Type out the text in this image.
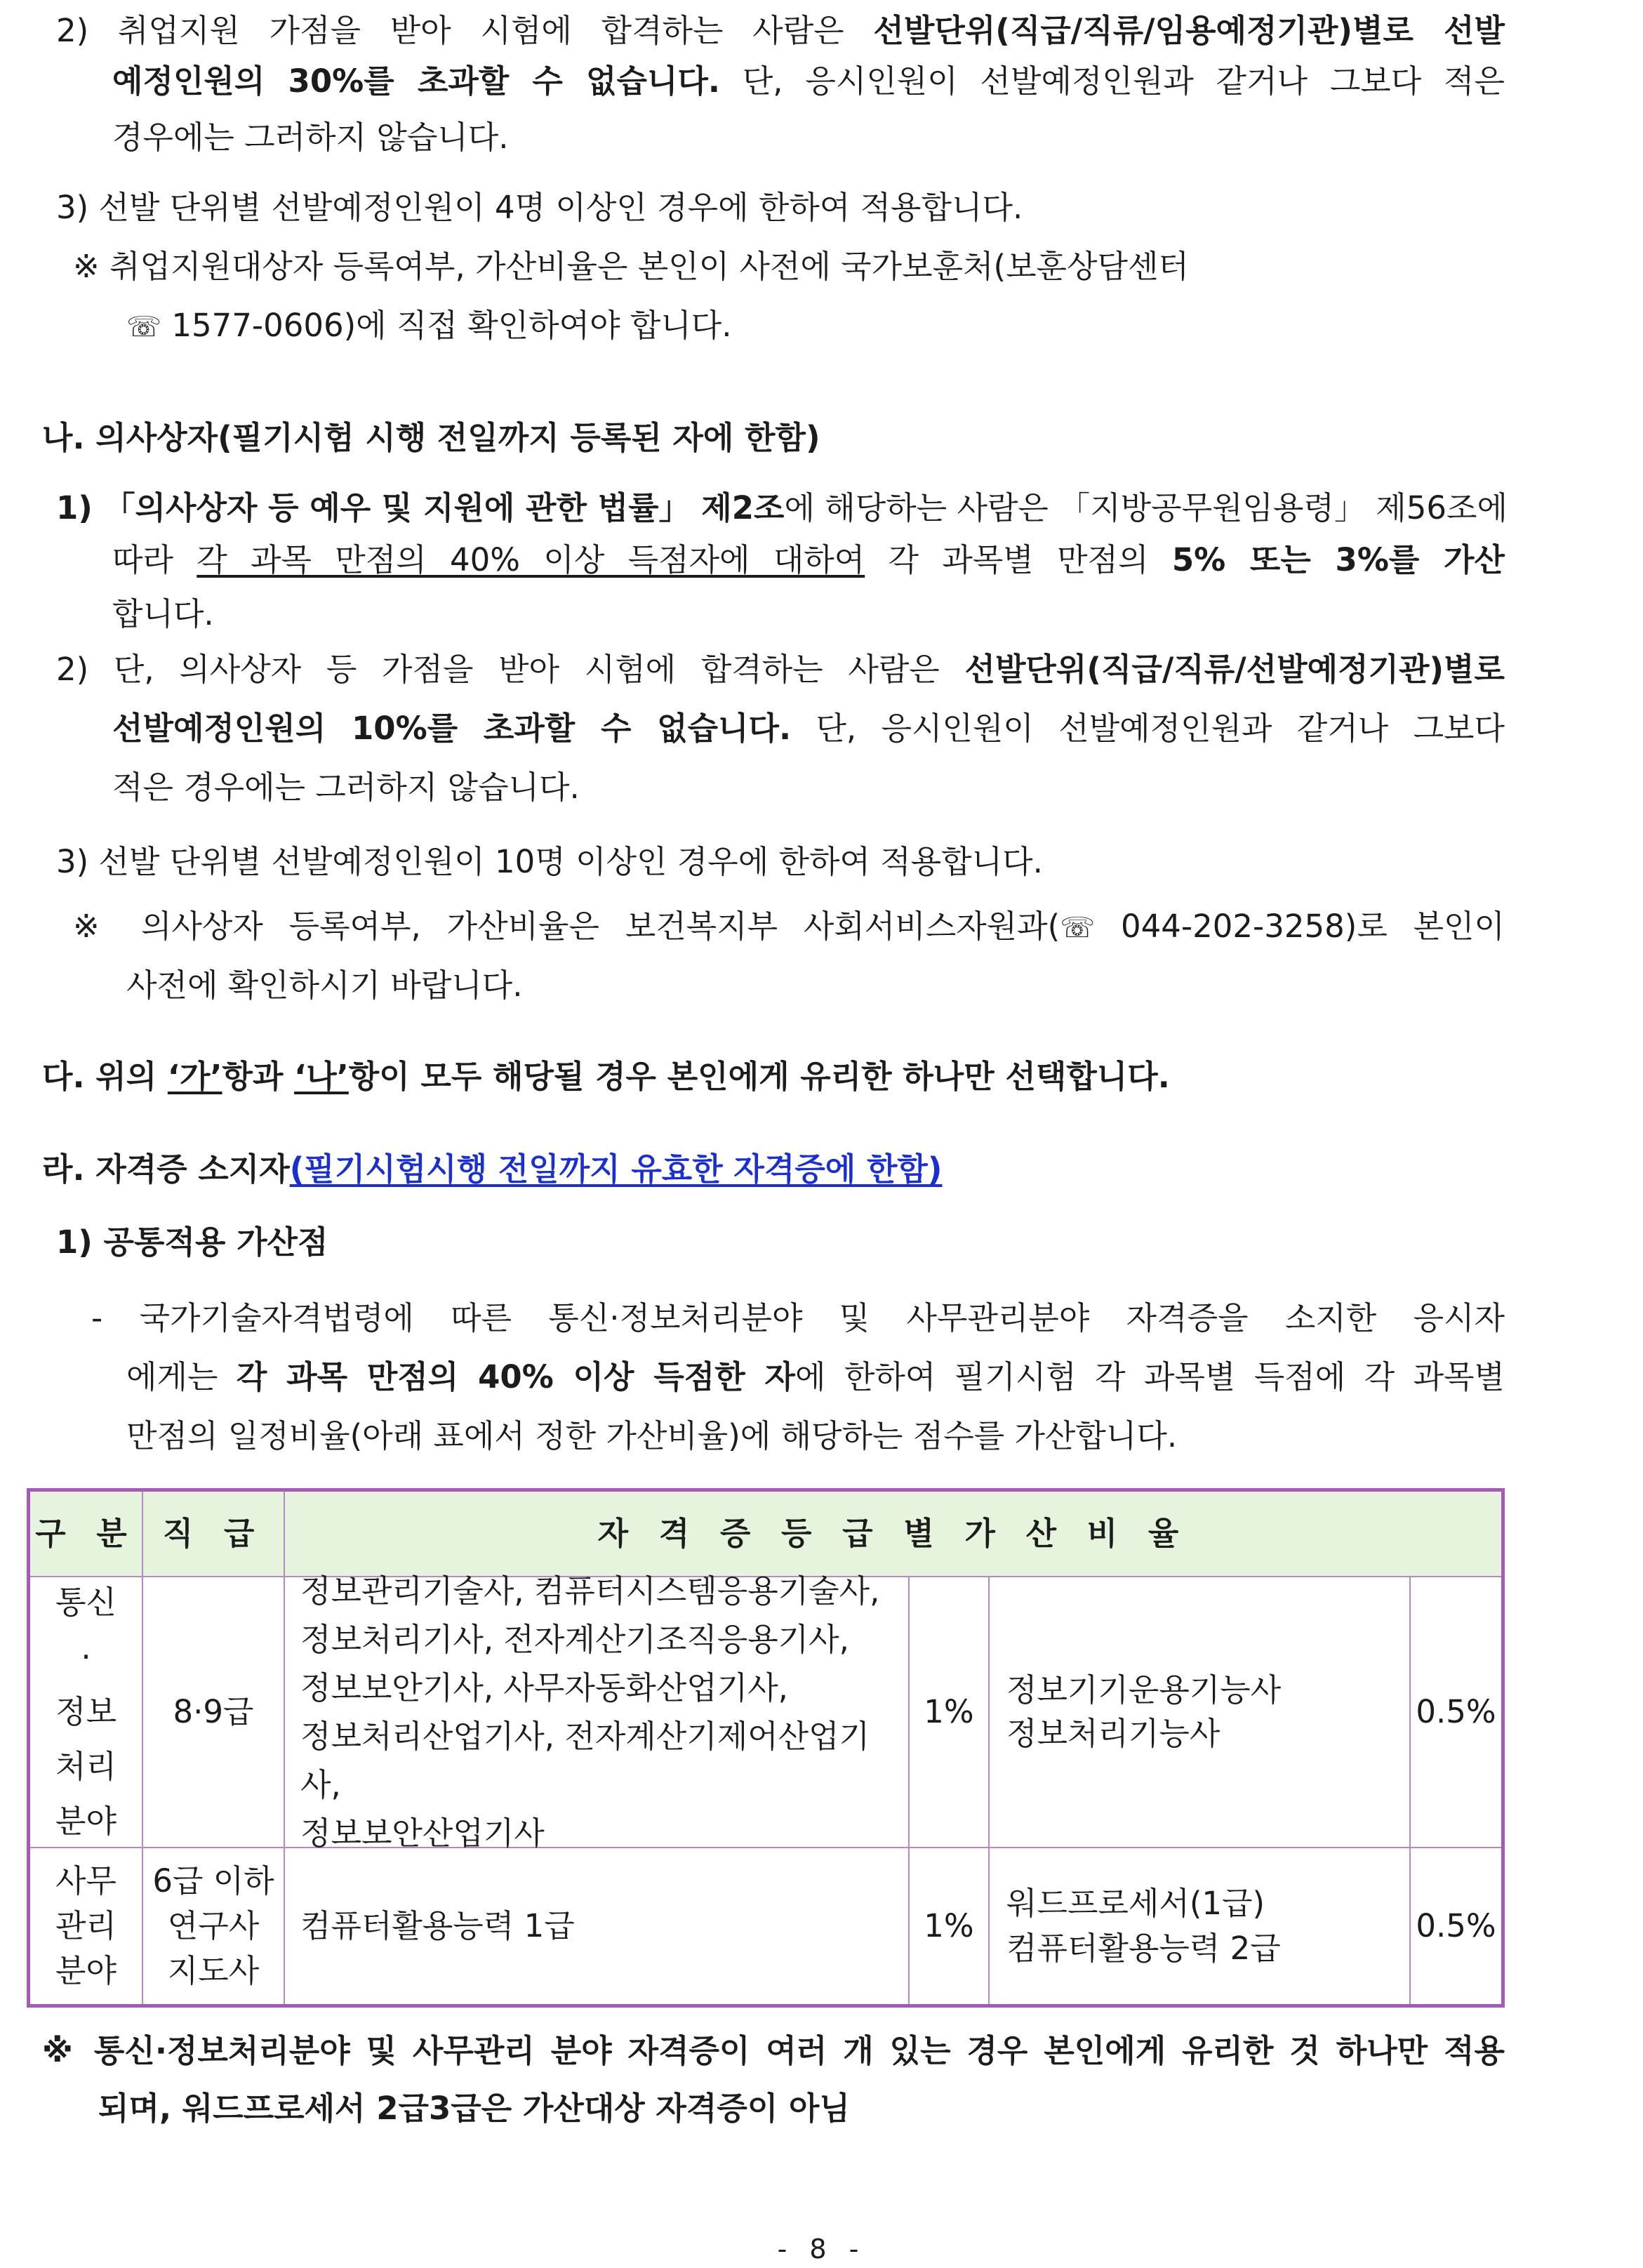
2) 취업지원 가점을 받아 시험에 합격하는 사람은 선발단위(직급/직류/임용예정기관)별로 선발
예정인원의 30%를 초과할 수 없습니다. 단, 응시인원이 선발예정인원과 같거나 그보다 적은
경우에는 그러하지 않습니다.
3) 선발 단위별 선발예정인원이 4명 이상인 경우에 한하여 적용합니다.
※ 취업지원대상자 등록여부, 가산비율은 본인이 사전에 국가보훈처(보훈상담센터
☏ 1577-0606)에 직접 확인하여야 합니다.
나. 의사상자(필기시험 시행 전일까지 등록된 자에 한함)
1) 「의사상자 등 예우 및 지원에 관한 법률」 제2조에 해당하는 사람은 「지방공무원임용령」 제56조에
따라 각 과목 만점의 40% 이상 득점자에 대하여 각 과목별 만점의 5% 또는 3%를 가산
합니다.
2) 단, 의사상자 등 가점을 받아 시험에 합격하는 사람은 선발단위(직급/직류/선발예정기관)별로
선발예정인원의 10%를 초과할 수 없습니다. 단, 응시인원이 선발예정인원과 같거나 그보다
적은 경우에는 그러하지 않습니다.
3) 선발 단위별 선발예정인원이 10명 이상인 경우에 한하여 적용합니다.
※ 의사상자 등록여부, 가산비율은 보건복지부 사회서비스자원과(☏ 044-202-3258)로 본인이
사전에 확인하시기 바랍니다.
다. 위의 ‘가’항과 ‘나’항이 모두 해당될 경우 본인에게 유리한 하나만 선택합니다.
라. 자격증 소지자(필기시험시행 전일까지 유효한 자격증에 한함)
1) 공통적용 가산점
- 국가기술자격법령에 따른 통신·정보처리분야 및 사무관리분야 자격증을 소지한 응시자
에게는 각 과목 만점의 40% 이상 득점한 자에 한하여 필기시험 각 과목별 득점에 각 과목별
만점의 일정비율(아래 표에서 정한 가산비율)에 해당하는 점수를 가산합니다.
구 분 직 급	자 격 증 등 급 별 가 산 비 율
통신
·
정보
처리
분야
8·9급
정보관리기술사, 컴퓨터시스템응용기술사,
정보처리기사, 전자계산기조직응용기사,
정보보안기사, 사무자동화산업기사,
정보처리산업기사, 전자계산기제어산업기사,
정보보안산업기사
1%
정보기기운용기능사
정보처리기능사
0.5%
사무
관리
분야
6급 이하
연구사
지도사
컴퓨터활용능력 1급	1%
워드프로세서(1급)
컴퓨터활용능력 2급
0.5%
※ 통신·정보처리분야 및 사무관리 분야 자격증이 여러 개 있는 경우 본인에게 유리한 것 하나만 적용
되며, 워드프로세서 2급3급은 가산대상 자격증이 아님
- 8 -
